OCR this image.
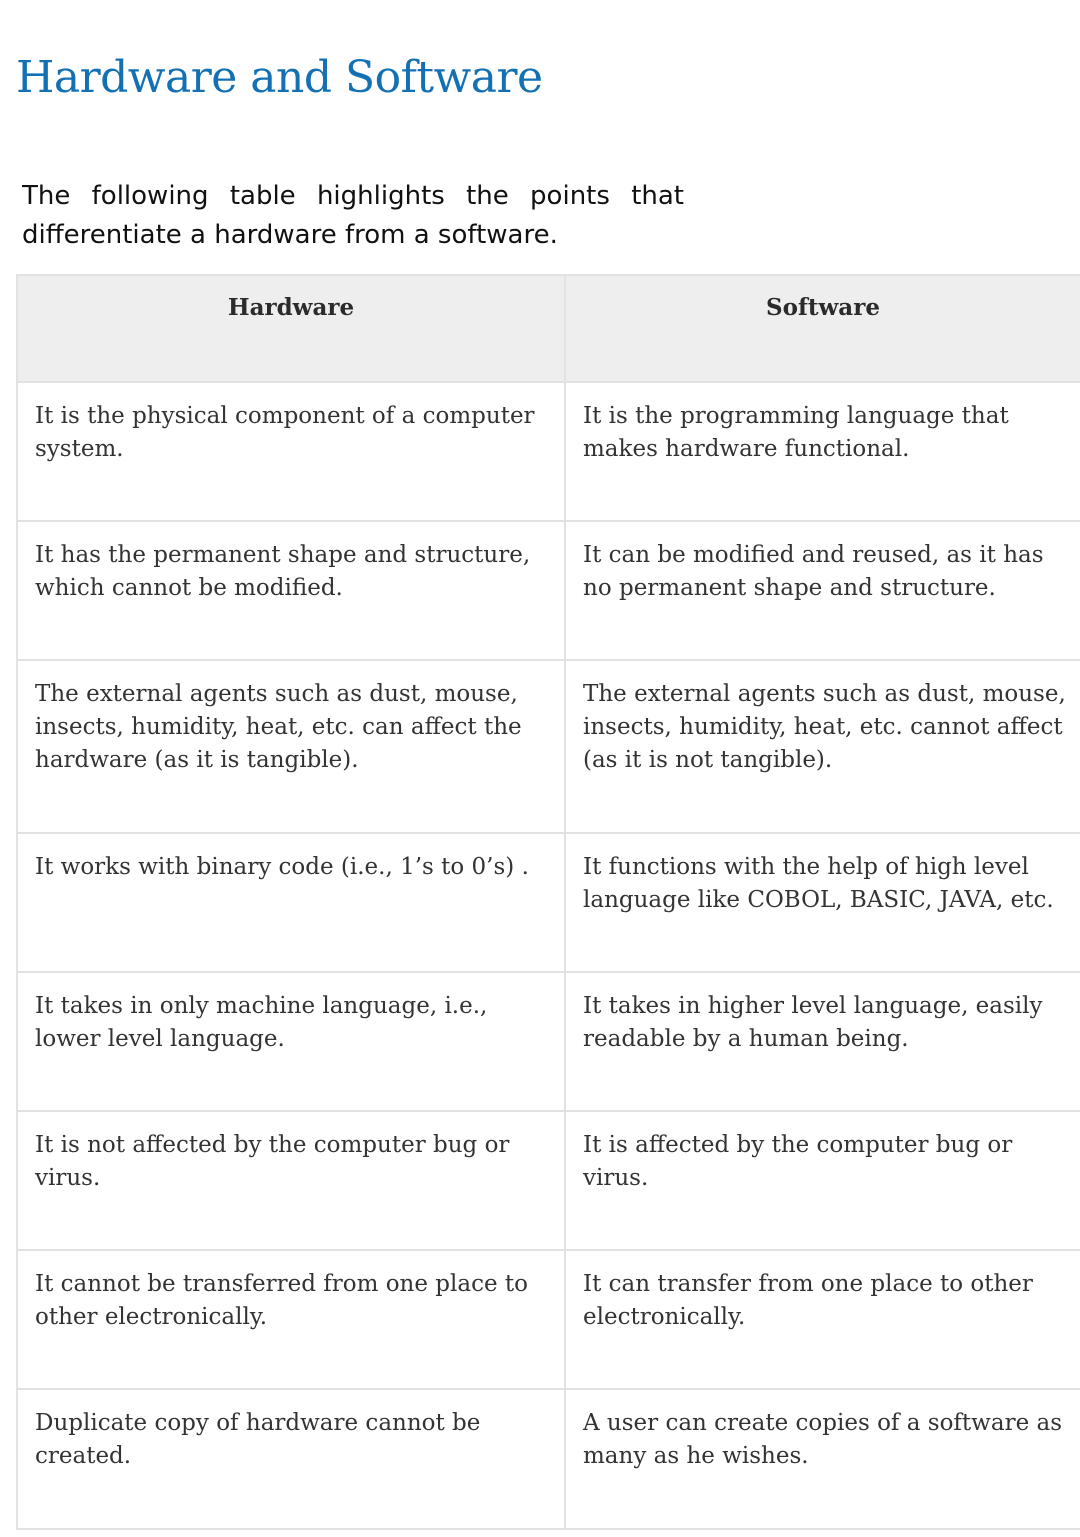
Hardware and Software

The following table highlights the points that differentiate a hardware from a software.

Hardware	Software
It is the physical component of a computer system.	It is the programming language that makes hardware functional.
It has the permanent shape and structure, which cannot be modified.	It can be modified and reused, as it has no permanent shape and structure.
The external agents such as dust, mouse, insects, humidity, heat, etc. can affect the hardware (as it is tangible).	The external agents such as dust, mouse, insects, humidity, heat, etc. cannot affect (as it is not tangible).
It works with binary code (i.e., 1’s to 0’s) .	It functions with the help of high level language like COBOL, BASIC, JAVA, etc.
It takes in only machine language, i.e., lower level language.	It takes in higher level language, easily readable by a human being.
It is not affected by the computer bug or virus.	It is affected by the computer bug or virus.
It cannot be transferred from one place to other electronically.	It can transfer from one place to other electronically.
Duplicate copy of hardware cannot be created.	A user can create copies of a software as many as he wishes.
